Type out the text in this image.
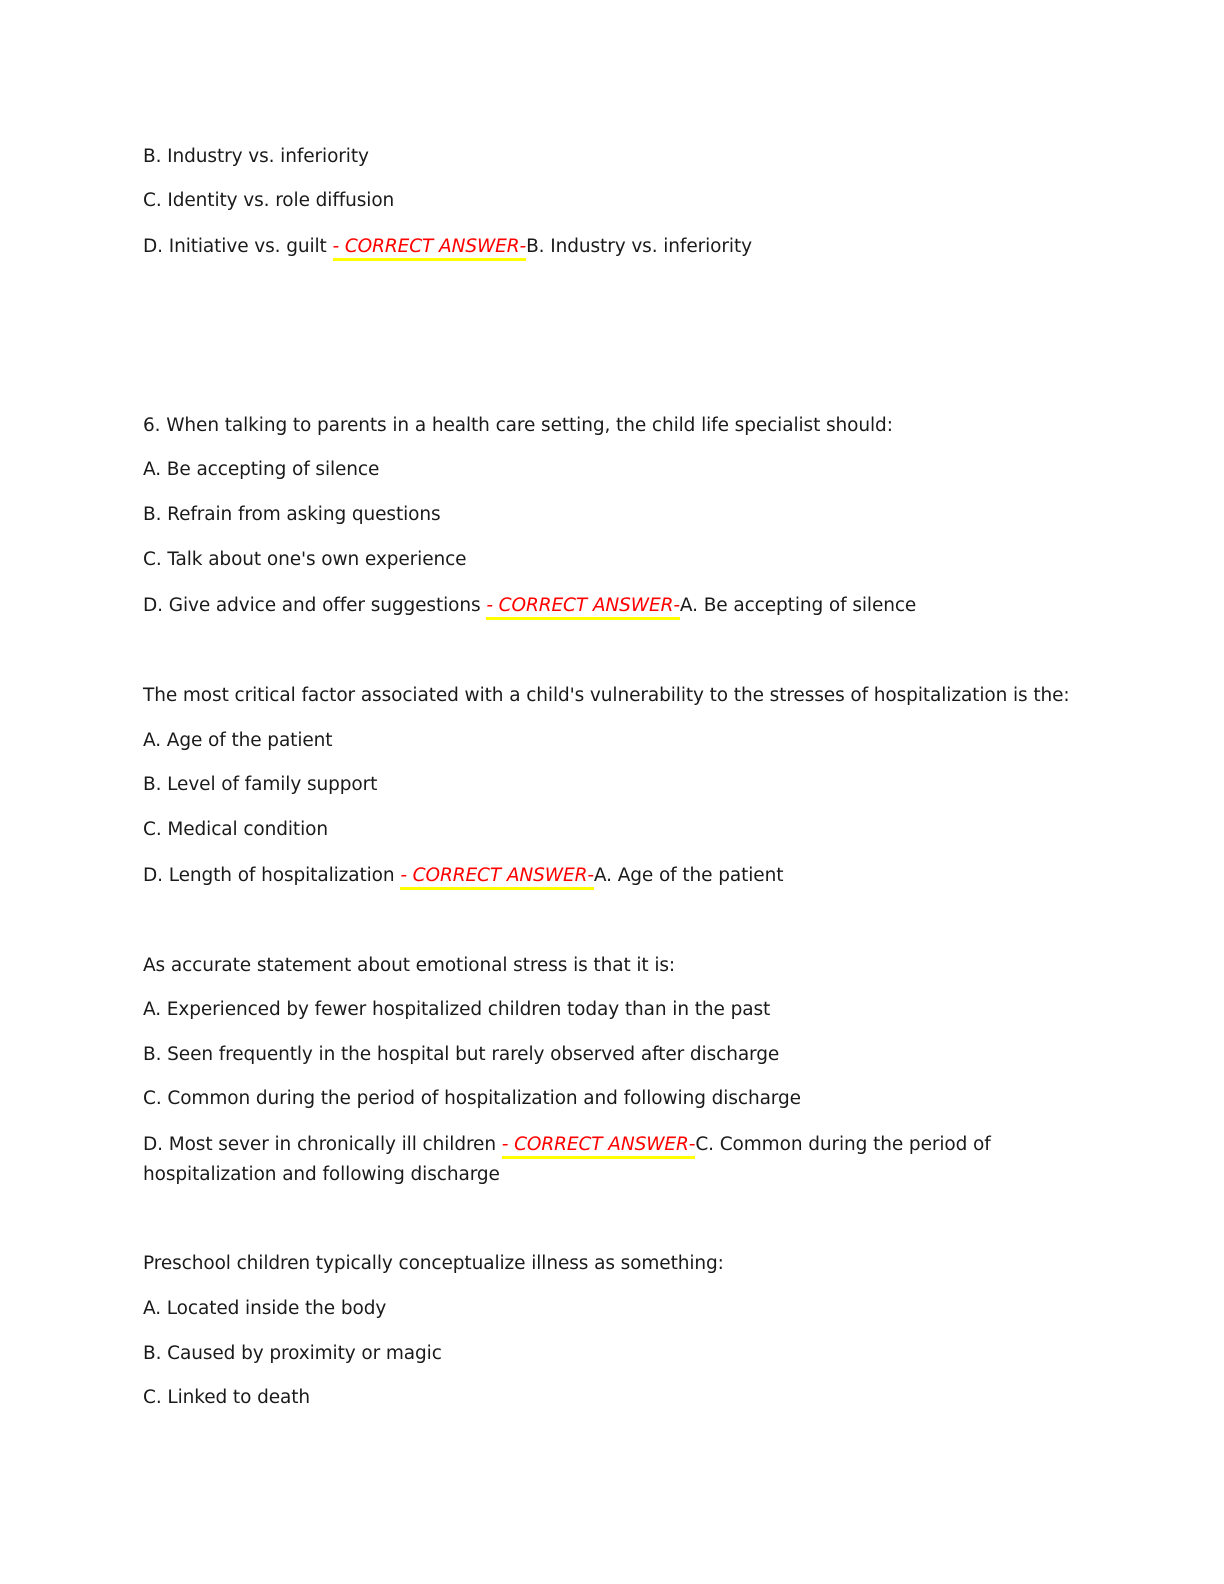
B. Industry vs. inferiority
C. Identity vs. role diffusion
D. Initiative vs. guilt - CORRECT ANSWER-B. Industry vs. inferiority
6. When talking to parents in a health care setting, the child life specialist should:
A. Be accepting of silence
B. Refrain from asking questions
C. Talk about one's own experience
D. Give advice and offer suggestions - CORRECT ANSWER-A. Be accepting of silence
The most critical factor associated with a child's vulnerability to the stresses of hospitalization is the:
A. Age of the patient
B. Level of family support
C. Medical condition
D. Length of hospitalization - CORRECT ANSWER-A. Age of the patient
As accurate statement about emotional stress is that it is:
A. Experienced by fewer hospitalized children today than in the past
B. Seen frequently in the hospital but rarely observed after discharge
C. Common during the period of hospitalization and following discharge
D. Most sever in chronically ill children - CORRECT ANSWER-C. Common during the period of
hospitalization and following discharge
Preschool children typically conceptualize illness as something:
A. Located inside the body
B. Caused by proximity or magic
C. Linked to death
